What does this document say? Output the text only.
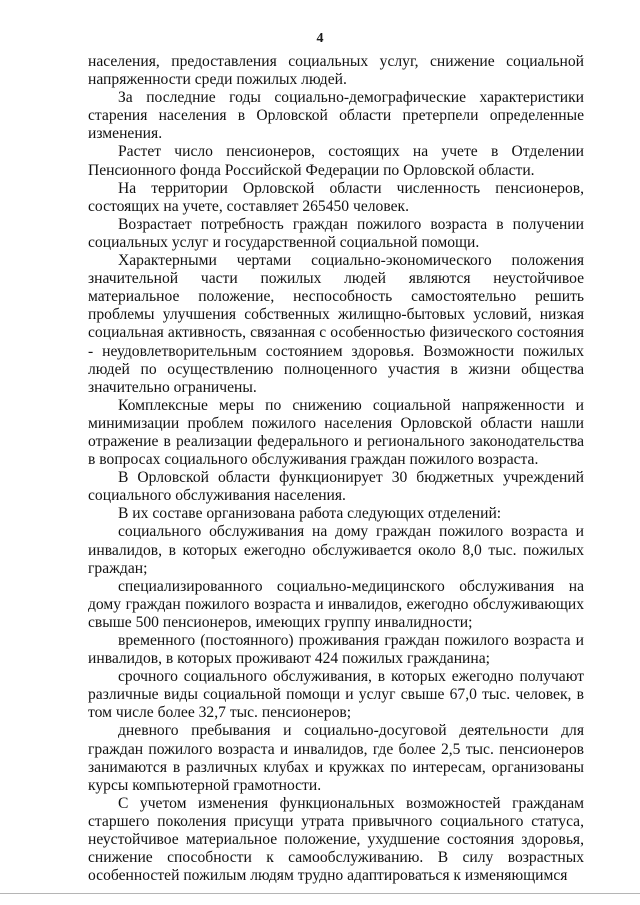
4

населения, предоставления социальных услуг, снижение социальной напряженности среди пожилых людей.

За последние годы социально-демографические характеристики старения населения в Орловской области претерпели определенные изменения.

Растет число пенсионеров, состоящих на учете в Отделении Пенсионного фонда Российской Федерации по Орловской области.

На территории Орловской области численность пенсионеров, состоящих на учете, составляет 265450 человек.

Возрастает потребность граждан пожилого возраста в получении социальных услуг и государственной социальной помощи.

Характерными чертами социально-экономического положения значительной части пожилых людей являются неустойчивое материальное положение, неспособность самостоятельно решить проблемы улучшения собственных жилищно-бытовых условий, низкая социальная активность, связанная с особенностью физического состояния - неудовлетворительным состоянием здоровья. Возможности пожилых людей по осуществлению полноценного участия в жизни общества значительно ограничены.

Комплексные меры по снижению социальной напряженности и минимизации проблем пожилого населения Орловской области нашли отражение в реализации федерального и регионального законодательства в вопросах социального обслуживания граждан пожилого возраста.

В Орловской области функционирует 30 бюджетных учреждений социального обслуживания населения.

В их составе организована работа следующих отделений:

социального обслуживания на дому граждан пожилого возраста и инвалидов, в которых ежегодно обслуживается около 8,0 тыс. пожилых граждан;

специализированного социально-медицинского обслуживания на дому граждан пожилого возраста и инвалидов, ежегодно обслуживающих свыше 500 пенсионеров, имеющих группу инвалидности;

временного (постоянного) проживания граждан пожилого возраста и инвалидов, в которых проживают 424 пожилых гражданина;

срочного социального обслуживания, в которых ежегодно получают различные виды социальной помощи и услуг свыше 67,0 тыс. человек, в том числе более 32,7 тыс. пенсионеров;

дневного пребывания и социально-досуговой деятельности для граждан пожилого возраста и инвалидов, где более 2,5 тыс. пенсионеров занимаются в различных клубах и кружках по интересам, организованы курсы компьютерной грамотности.

С учетом изменения функциональных возможностей гражданам старшего поколения присущи утрата привычного социального статуса, неустойчивое материальное положение, ухудшение состояния здоровья, снижение способности к самообслуживанию. В силу возрастных особенностей пожилым людям трудно адаптироваться к изменяющимся
